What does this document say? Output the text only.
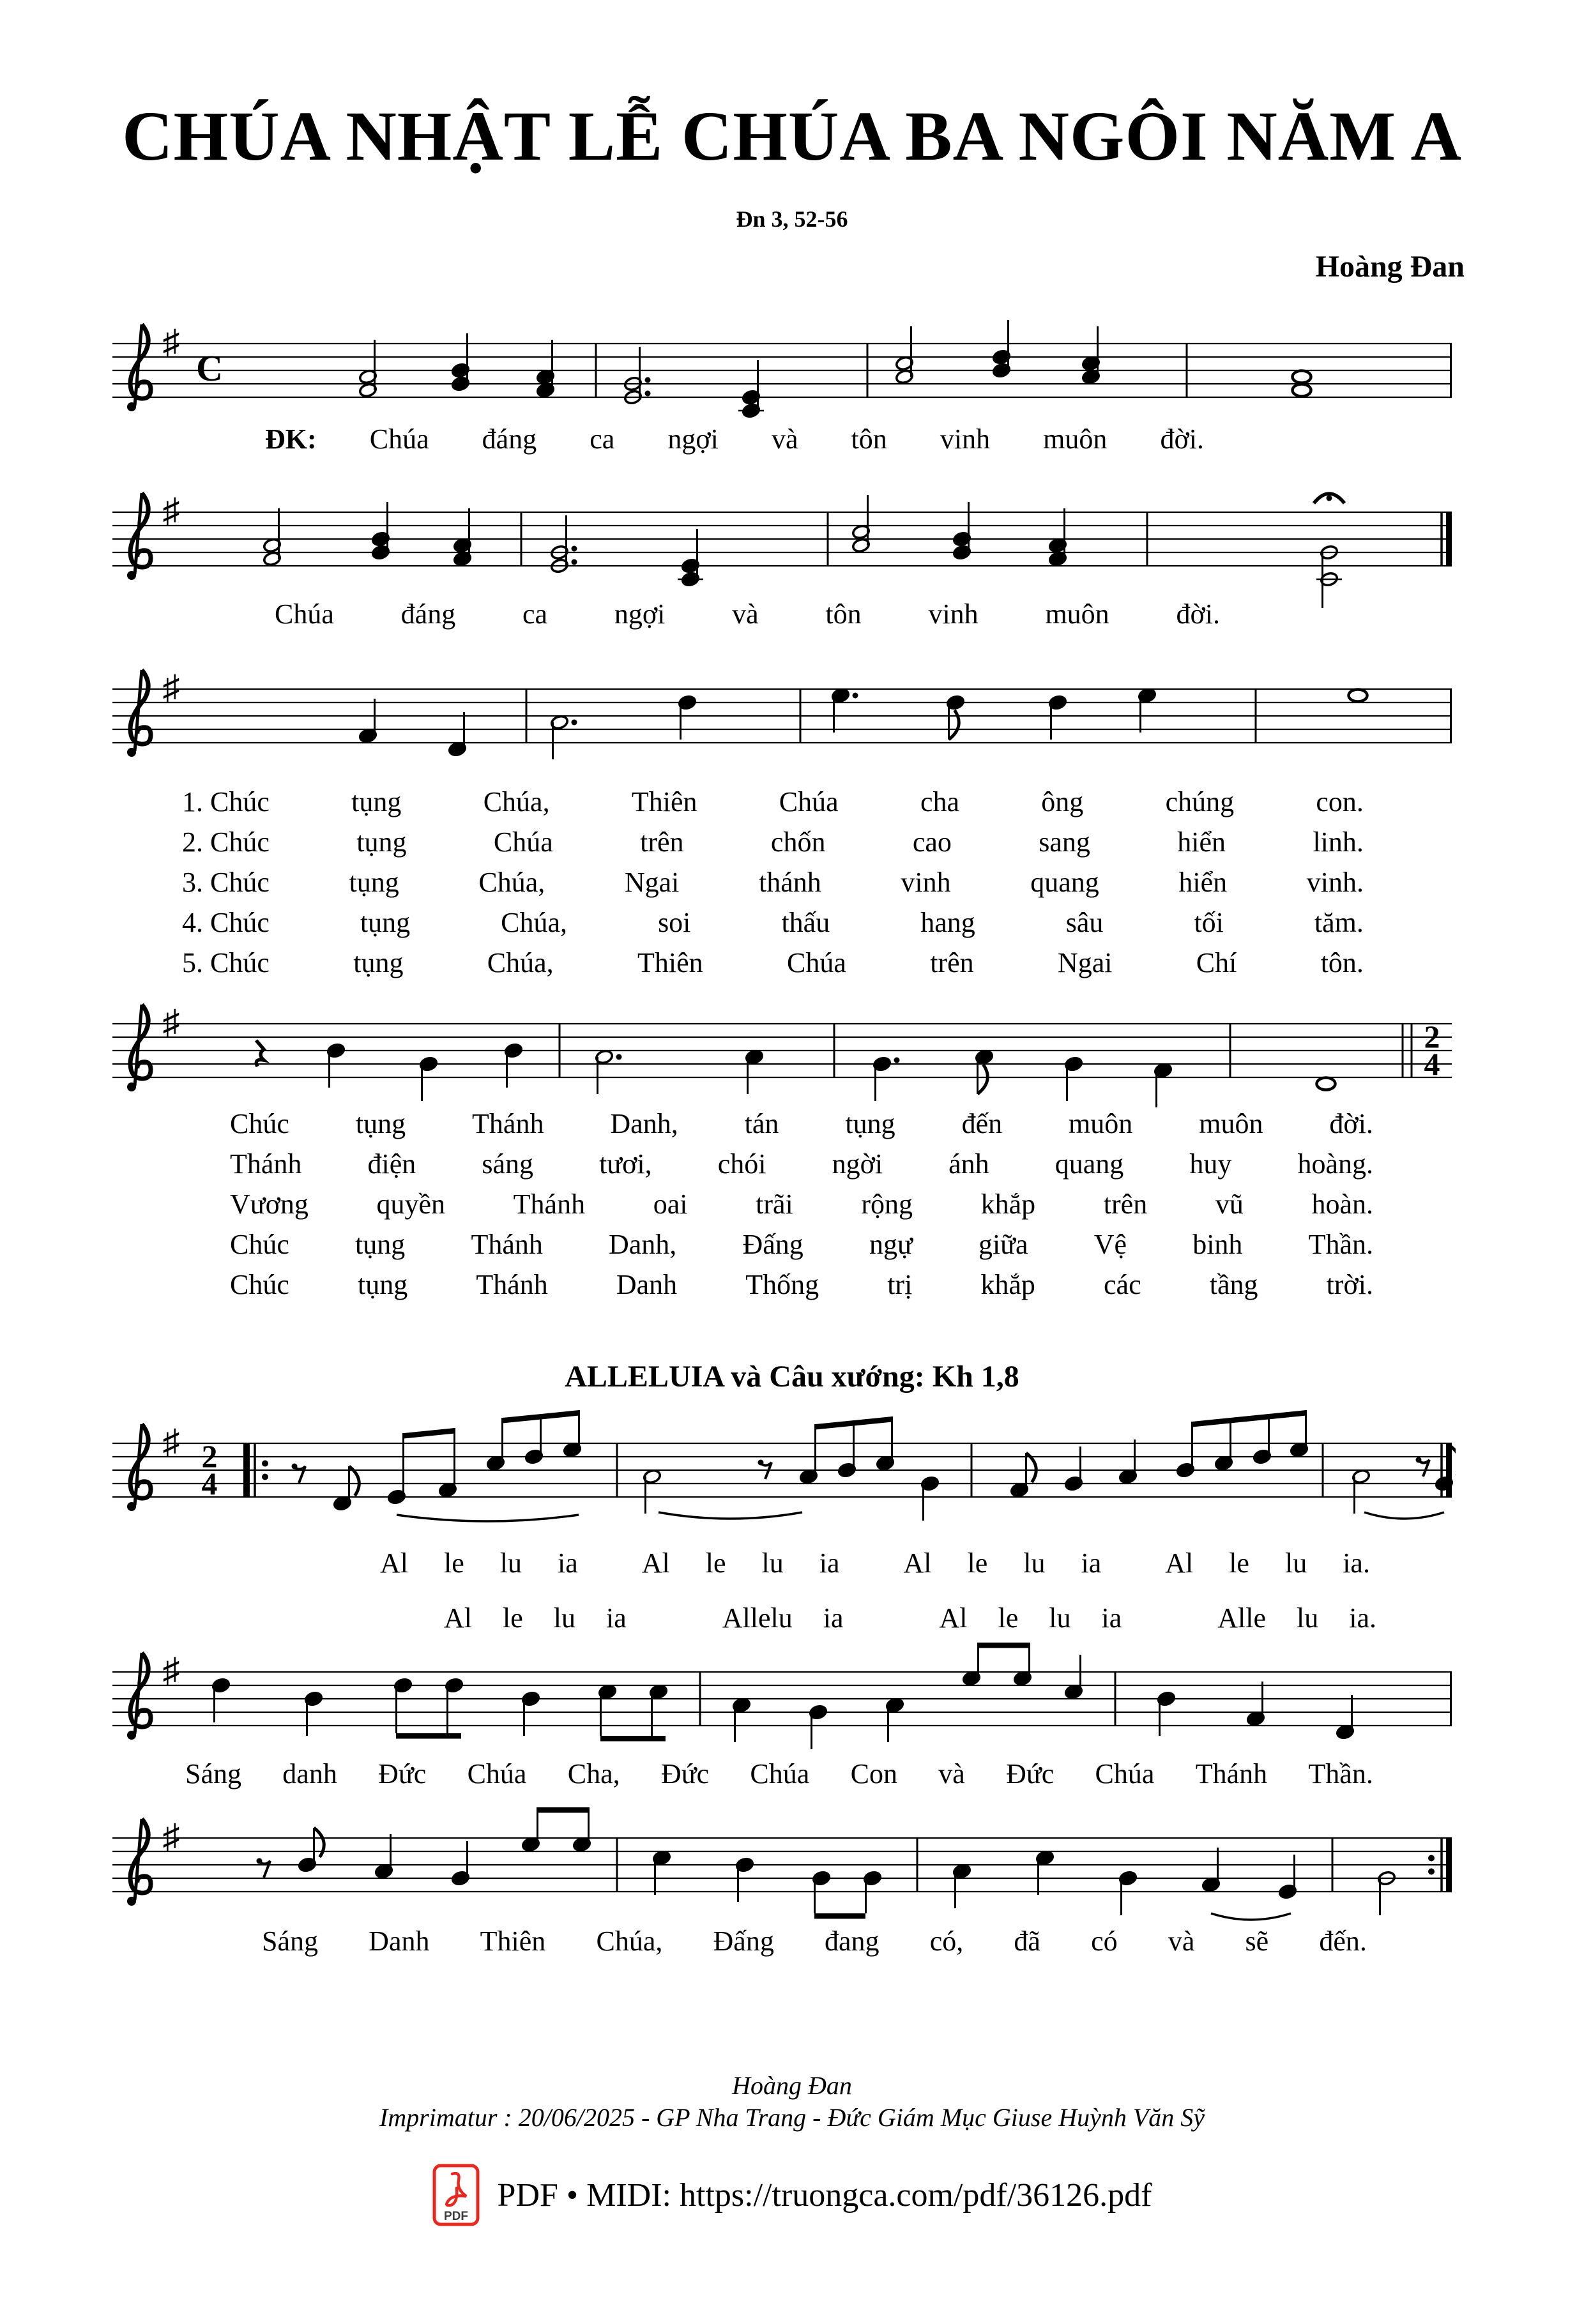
CHÚA NHẬT LỄ CHÚA BA NGÔI NĂM A
Đn 3, 52-56
Hoàng Đan
ALLELUIA và Câu xướng: Kh 1,8
♯
C
♯
♯
♯	2
4
♯ 2
4
♯
♯
ĐK: Chúa đáng ca ngợi và tôn vinh muôn đời.
Chúa đáng ca ngợi và tôn vinh muôn đời.
1. Chúc	tụng	Chúa,	Thiên	Chúa	cha	ông	chúng	con.
2. Chúc	tụng	Chúa	trên	chốn	cao	sang	hiển	linh.
3. Chúc	tụng	Chúa,	Ngai	thánh	vinh	quang	hiển	vinh.
4. Chúc	tụng	Chúa,	soi	thấu	hang	sâu	tối	tăm.
5. Chúc	tụng	Chúa,	Thiên	Chúa	trên	Ngai	Chí	tôn.
Chúc tụng Thánh Danh, tán tụng đến muôn muôn đời.
Thánh điện sáng tươi, chói ngời ánh quang huy hoàng.
Vương quyền Thánh oai trãi rộng khắp trên vũ hoàn.
Chúc tụng Thánh Danh, Đấng ngự giữa Vệ binh Thần.
Chúc tụng Thánh Danh Thống trị khắp các tầng trời.
Al le lu ia Al le lu ia Al le lu ia Al le lu ia.
Al le lu ia	Allelu ia	Al le lu ia	Alle lu ia.
Sáng danh Đức Chúa Cha, Đức Chúa Con và Đức Chúa Thánh Thần.
Sáng Danh Thiên Chúa, Đấng đang có, đã có và sẽ đến.
Hoàng Đan
Imprimatur : 20/06/2025 - GP Nha Trang - Đức Giám Mục Giuse Huỳnh Văn Sỹ
PDF
PDF • MIDI: https://truongca.com/pdf/36126.pdf
